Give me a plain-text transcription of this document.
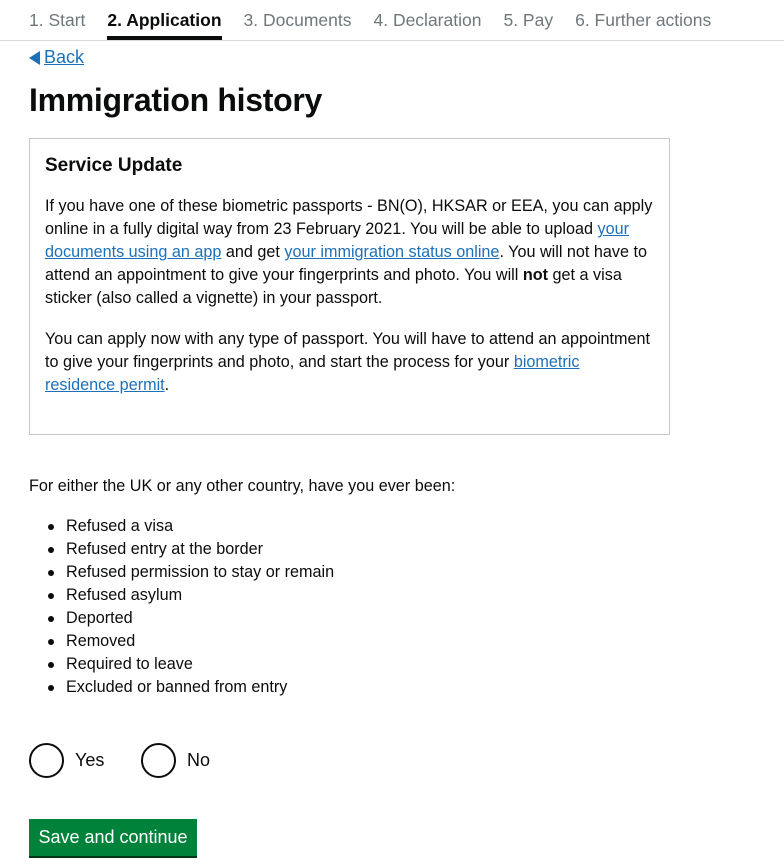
1. Start 2. Application 3. Documents 4. Declaration 5. Pay 6. Further actions
Back
Immigration history
Service Update

If you have one of these biometric passports - BN(O), HKSAR or EEA, you can apply online in a fully digital way from 23 February 2021. You will be able to upload your documents using an app and get your immigration status online. You will not have to attend an appointment to give your fingerprints and photo. You will not get a visa sticker (also called a vignette) in your passport.

You can apply now with any type of passport. You will have to attend an appointment to give your fingerprints and photo, and start the process for your biometric residence permit.

For either the UK or any other country, have you ever been:

Refused a visa
Refused entry at the border
Refused permission to stay or remain
Refused asylum
Deported
Removed
Required to leave
Excluded or banned from entry
Yes	No
Save and continue
